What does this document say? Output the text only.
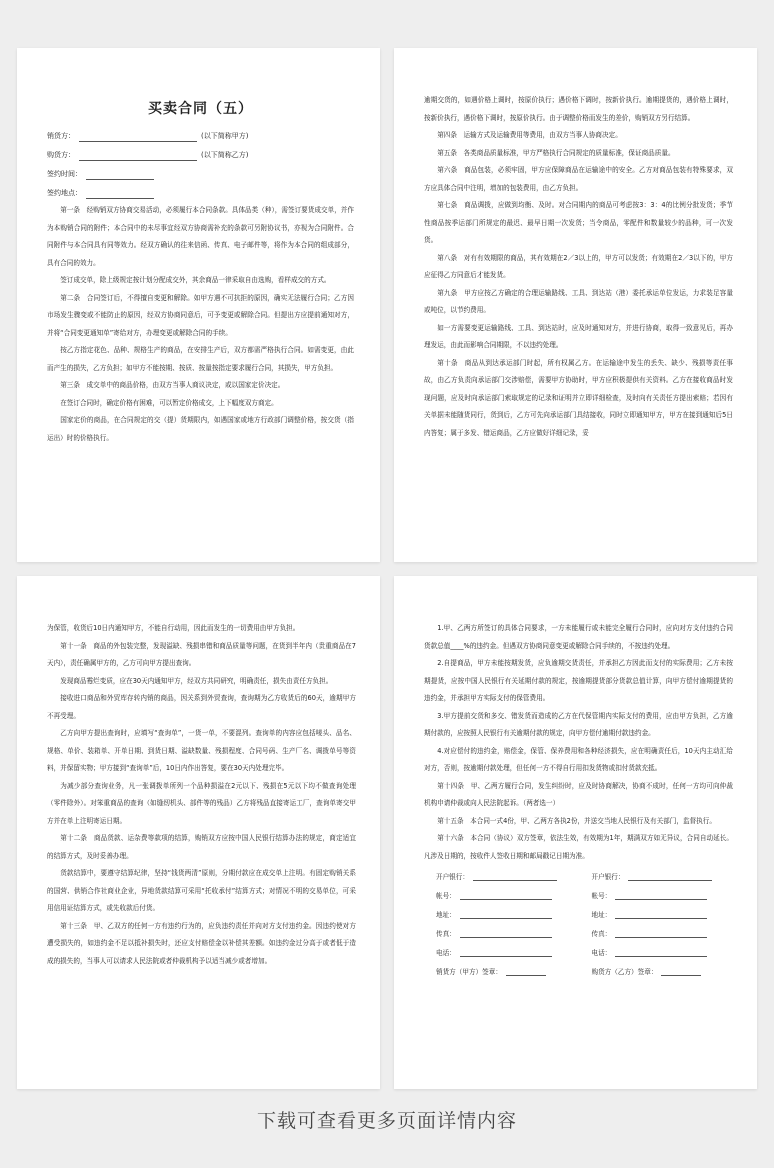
买卖合同（五）
销货方：	(以下简称甲方)
购货方：	(以下简称乙方)
签约时间：
签约地点：

第一条　经购销双方协商交易活动，必须履行本合同条款。具体品类（种），需签订要货成交单，并作为本购销合同的附件；本合同中的未尽事宜经双方协商需补充的条款可另附协议书，亦视为合同附件。合同附件与本合同具有同等效力。经双方确认的往来信函、传真、电子邮件等，将作为本合同的组成部分，具有合同的效力。

签订成交单，除上级规定按计划分配成交外，其余商品一律采取自由选购，看样成交的方式。

第二条　合同签订后，不得擅自变更和解除。如甲方遇不可抗拒的原因，确实无法履行合同；乙方因市场发生骤变或不能防止的原因，经双方协商同意后，可予变更或解除合同。但提出方应提前通知对方，并将“合同变更通知单”寄给对方，办理变更或解除合同的手续。

按乙方指定花色、品种、规格生产的商品，在安排生产后，双方都需严格执行合同。如需变更，由此而产生的损失，乙方负担；如甲方不能按期、按质、按量按指定要求履行合同，其损失，甲方负担。

第三条　成交单中的商品价格，由双方当事人商议决定，或以国家定价决定。

在签订合同时，确定价格有困难，可以暂定价格成交，上下幅度双方商定。

国家定价的商品，在合同规定的交（提）货期限内，如遇国家或地方行政部门调整价格，按交货（指运出）时的价格执行。

逾期交货的，如遇价格上调时，按原价执行；遇价格下调时，按新价执行。逾期提货的，遇价格上调时，按新价执行，遇价格下调时，按原价执行。由于调整价格而发生的差价，购销双方另行结算。

第四条　运输方式及运输费用等费用，由双方当事人协商决定。

第五条　各类商品质量标准，甲方严格执行合同规定的质量标准，保证商品质量。

第六条　商品包装，必须牢固，甲方应保障商品在运输途中的安全。乙方对商品包装有特殊要求，双方应具体合同中注明，增加的包装费用，由乙方负担。

第七条　商品调拨，应做到均衡、及时。对合同期内的商品可考虑按3：3：4的比例分批发货；季节性商品按季运部门所规定的最迟、最早日期一次发货；当令商品，零配件和数量较少的品种，可一次发货。

第八条　对有有效期限的商品，其有效期在2／3以上的，甲方可以发货；有效期在2／3以下的，甲方应征得乙方同意后才能发货。

第九条　甲方应按乙方确定的合理运输路线、工具、到达站（港）委托承运单位发运，力求装足容量或吨位，以节约费用。

如一方需要变更运输路线、工具、到达站时，应及时通知对方，并进行协商，取得一致意见后，再办理发运，由此而影响合同期限，不以违约处理。

第十条　商品从到达承运部门时起，所有权属乙方。在运输途中发生的丢失、缺少、残损等责任事故，由乙方负责向承运部门交涉赔偿，需要甲方协助时，甲方应积极提供有关资料。乙方在接收商品时发现问题，应及时向承运部门索取规定的记录和证明并立即详细检查，及时向有关责任方提出索赔；若因有关单据未能随货同行，货到后，乙方可先向承运部门具结接收，同时立即通知甲方，甲方在接到通知后5日内答复；属于多发、错运商品，乙方应做好详细记录，妥

为保管，收货后10日内通知甲方，不能自行动用，因此而发生的一切费用由甲方负担。

第十一条　商品的外包装完整，发现溢缺、残损串错和商品质量等问题，在货到半年内（贵重商品在7天内），责任确属甲方的，乙方可向甲方提出查询。

发现商品霉烂变质，应在30天内通知甲方，经双方共同研究，明确责任，损失由责任方负担。

接收进口商品和外贸库存转内销的商品，因关系到外贸查询，查询期为乙方收货后的60天，逾期甲方不再受理。

乙方向甲方提出查询时，应填写“查询单”，一货一单，不要混列。查询单的内容应包括唛头、品名、规格、单价、装箱单、开单日期、到货日期、溢缺数量、残损程度、合同号码、生产厂名、调拨单号等资料，并保留实物；甲方接到“查询单”后，10日内作出答复，要在30天内处理完毕。

为减少部分查询业务，凡一张调拨单所列一个品种损溢在2元以下、残损在5元以下均不做查询处理（零件除外）。对笨重商品的查询（如缝纫机头、部件等的残品）乙方将残品直接寄运工厂，查询单寄交甲方并在单上注明寄运日期。

第十二条　商品货款、运杂费等款项的结算，购销双方应按中国人民银行结算办法的规定，商定适宜的结算方式，及时妥善办理。

货款结算中，要遵守结算纪律，坚持“钱货两清”原则，分期付款应在成交单上注明。有固定购销关系的国营、供销合作社商业企业，异地货款结算可采用“托收承付”结算方式；对情况不明的交易单位，可采用信用证结算方式，或先收款后付货。

第十三条　甲、乙双方的任何一方有违约行为的，应负违约责任并向对方支付违约金。因违约使对方遭受损失的，如违约金不足以抵补损失时，还应支付赔偿金以补偿其差额。如违约金过分高于或者低于造成的损失的，当事人可以请求人民法院或者仲裁机构予以适当减少或者增加。

1.甲、乙两方所签订的具体合同要求，一方未能履行或未能完全履行合同时，应向对方支付违约合同货款总值____%的违约金。但遇双方协商同意变更或解除合同手续的，不按违约处理。

2.自提商品，甲方未能按期发货，应负逾期交货责任，并承担乙方因此而支付的实际费用；乙方未按期提货，应按中国人民银行有关延期付款的规定，按逾期提货部分货款总值计算，向甲方偿付逾期提货的违约金，并承担甲方实际支付的保管费用。

3.甲方提前交货和多交、错发货而造成的乙方在代保管期内实际支付的费用，应由甲方负担，乙方逾期付款的，应按照人民银行有关逾期付款的规定，向甲方偿付逾期付款违约金。

4.对应偿付的违约金，赔偿金，保管、保养费用和各种经济损失，应在明确责任后，10天内主动汇给对方，否则，按逾期付款处理，但任何一方不得自行用扣发货物或扣付货款充抵。

第十四条　甲、乙两方履行合同，发生纠纷时，应及时协商解决，协商不成时，任何一方均可向仲裁机构申请仲裁或向人民法院起诉。（两者选一）

第十五条　本合同一式4份，甲、乙两方各执2份，并送交当地人民银行及有关部门，监督执行。

第十六条　本合同（协议）双方签章，依法生效，有效期为1年，期满双方如无异议，合同自动延长。凡涉及日期的，按收件人签收日期和邮局戳记日期为准。

开户银行：	开户银行：
帐号：	帐号：
地址：	地址：
传真：	传真：
电话：	电话：
销货方（甲方）签章：	购货方（乙方）签章：
下载可查看更多页面详情内容
